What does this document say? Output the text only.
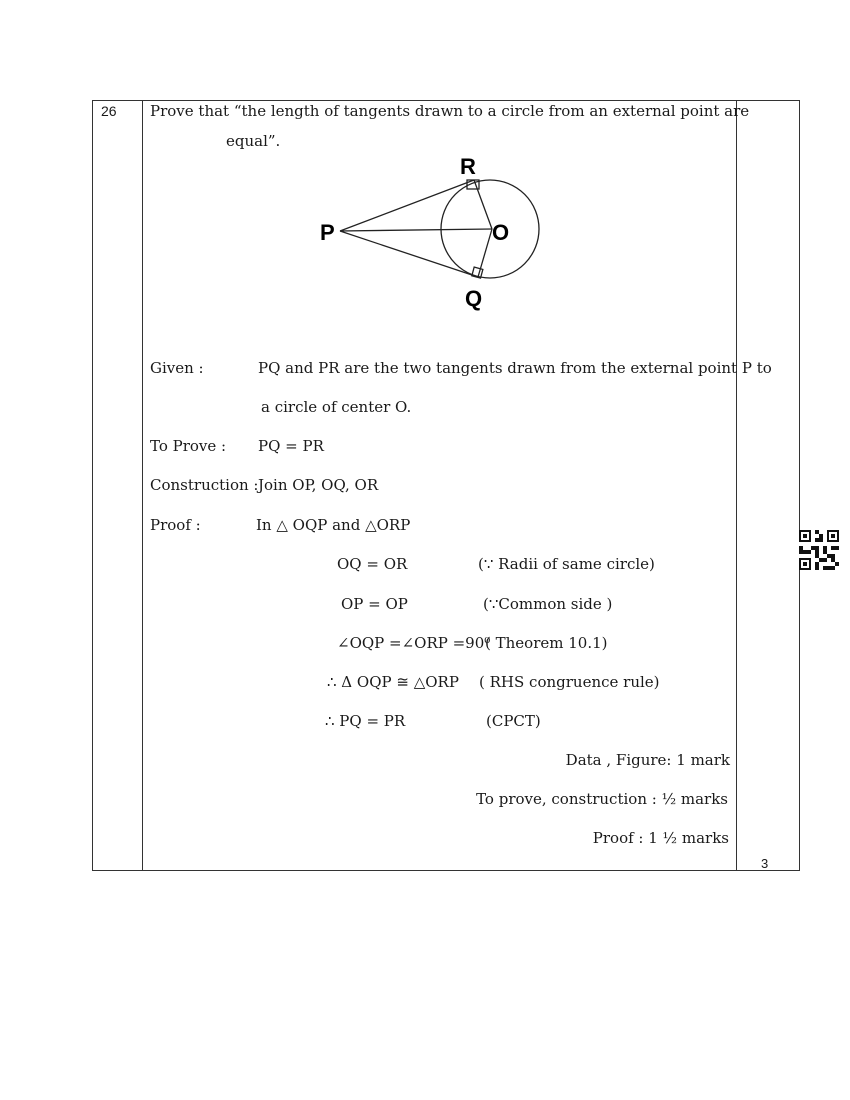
26 Prove that “the length of tangents drawn to a circle from an external point are
equal”.
P	O
R
Q
Given :	PQ and PR are the two tangents drawn from the external point P to
a circle of center O.
To Prove : PQ = PR
Construction : Join OP, OQ, OR
Proof :	In △ OQP and △ORP
OQ = OR	(∵ Radii of same circle)
OP = OP	(∵Common side )
∠OQP =∠ORP =90⁰
( Theorem 10.1)
∴ Δ OQP ≅ △ORP ( RHS congruence rule)
∴ PQ = PR	(CPCT)
Data , Figure: 1 mark
To prove, construction : ½ marks
Proof : 1 ½ marks
3
